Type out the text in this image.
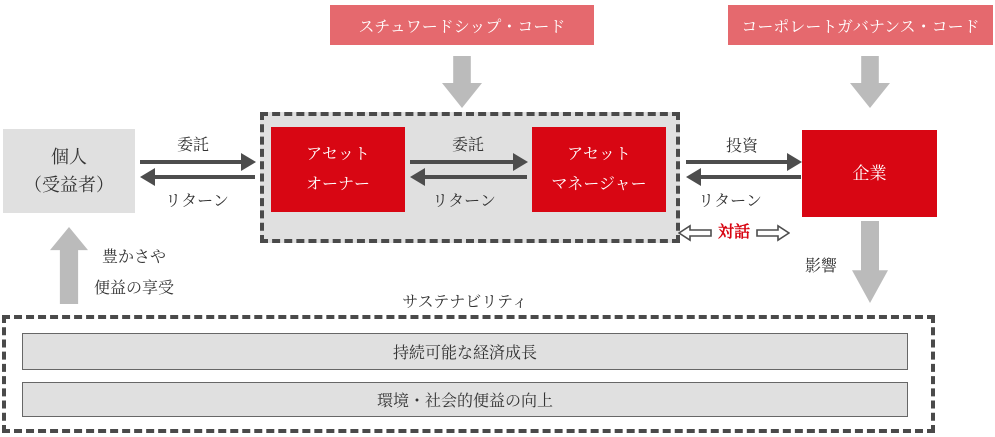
スチュワードシップ・コード	コーポレートガバナンス・コード
個人
（受益者）
アセット
オーナー
アセット
マネージャー
企業
委託
リターン
委託
リターン
投資
リターン
対話
影響
豊かさや
便益の享受
サステナビリティ
持続可能な経済成長
環境・社会的便益の向上
